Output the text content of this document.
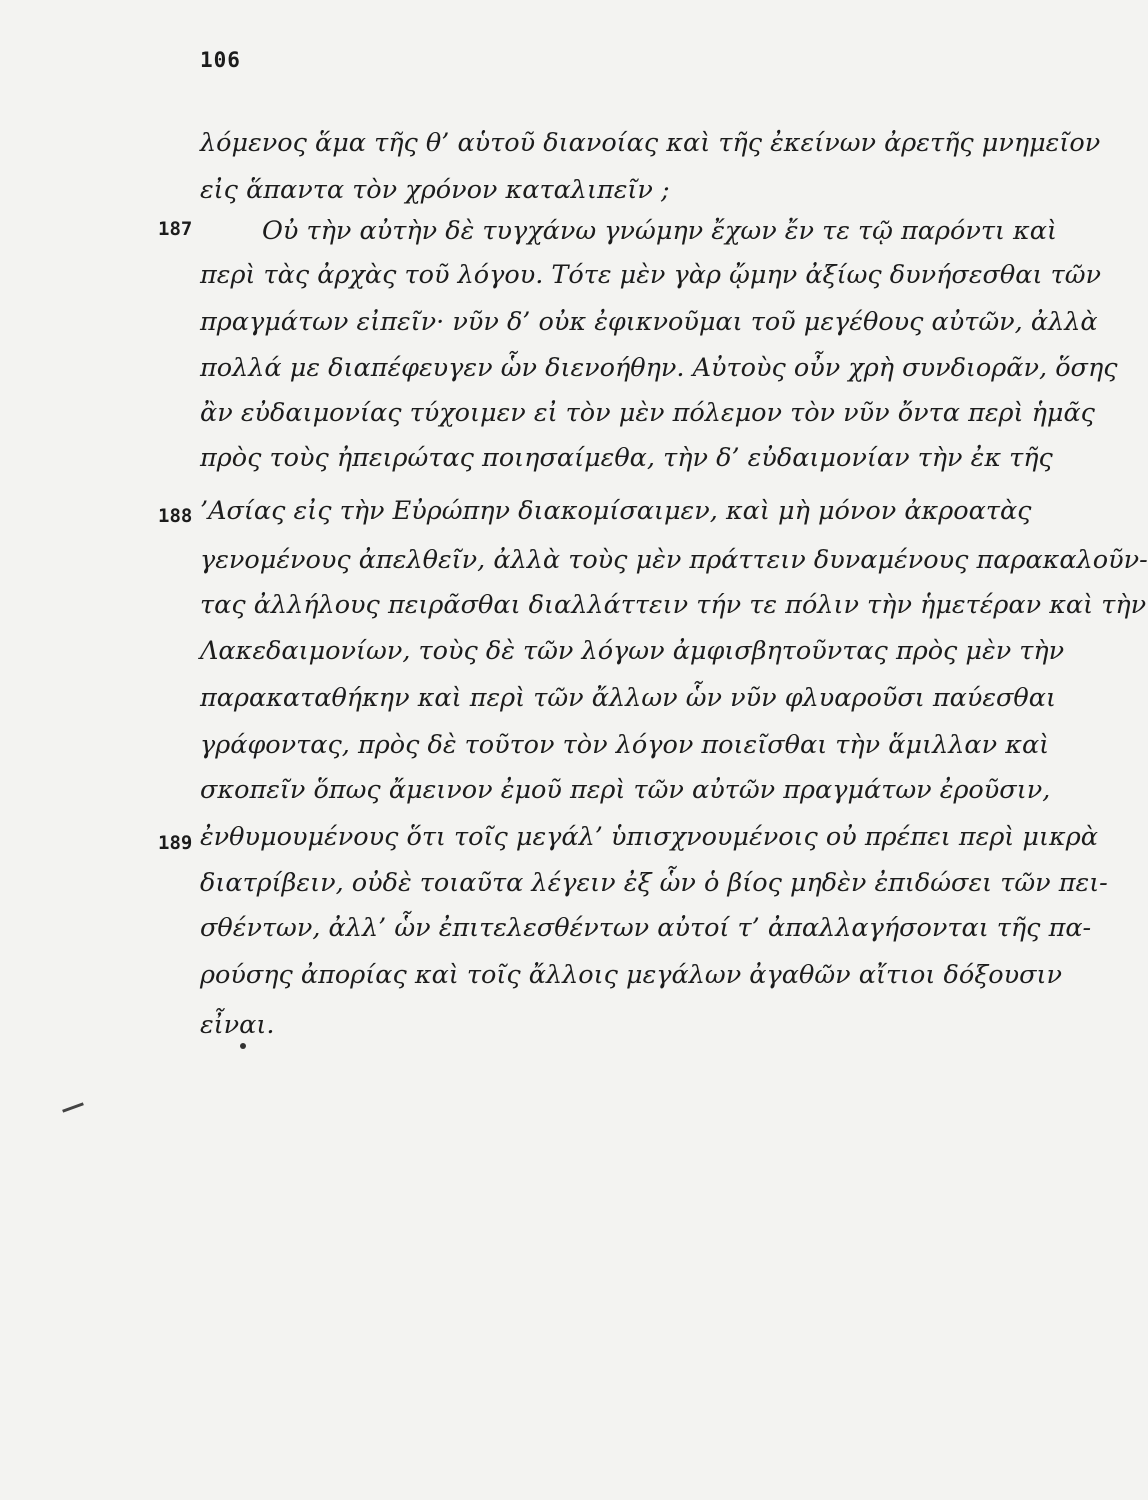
106
187
188
189
λόμενος ἅμα τῆς θ’ αὑτοῦ διανοίας καὶ τῆς ἐκείνων ἀρετῆς μνημεῖον
εἰς ἅπαντα τὸν χρόνον καταλιπεῖν ;
Οὐ τὴν αὐτὴν δὲ τυγχάνω γνώμην ἔχων ἔν τε τῷ παρόντι καὶ
περὶ τὰς ἀρχὰς τοῦ λόγου. Τότε μὲν γὰρ ᾤμην ἀξίως δυνήσεσθαι τῶν
πραγμάτων εἰπεῖν· νῦν δ’ οὐκ ἐφικνοῦμαι τοῦ μεγέθους αὐτῶν, ἀλλὰ
πολλά με διαπέφευγεν ὧν διενοήθην. Αὐτοὺς οὖν χρὴ συνδιορᾶν, ὅσης
ἂν εὐδαιμονίας τύχοιμεν εἰ τὸν μὲν πόλεμον τὸν νῦν ὄντα περὶ ἡμᾶς
πρὸς τοὺς ἠπειρώτας ποιησαίμεθα, τὴν δ’ εὐδαιμονίαν τὴν ἐκ τῆς
’Ασίας εἰς τὴν Εὐρώπην διακομίσαιμεν, καὶ μὴ μόνον ἀκροατὰς
γενομένους ἀπελθεῖν, ἀλλὰ τοὺς μὲν πράττειν δυναμένους παρακαλοῦν-
τας ἀλλήλους πειρᾶσθαι διαλλάττειν τήν τε πόλιν τὴν ἡμετέραν καὶ τὴν
Λακεδαιμονίων, τοὺς δὲ τῶν λόγων ἀμφισβητοῦντας πρὸς μὲν τὴν
παρακαταθήκην καὶ περὶ τῶν ἄλλων ὧν νῦν φλυαροῦσι παύεσθαι
γράφοντας, πρὸς δὲ τοῦτον τὸν λόγον ποιεῖσθαι τὴν ἅμιλλαν καὶ
σκοπεῖν ὅπως ἄμεινον ἐμοῦ περὶ τῶν αὐτῶν πραγμάτων ἐροῦσιν,
ἐνθυμουμένους ὅτι τοῖς μεγάλ’ ὑπισχνουμένοις οὐ πρέπει περὶ μικρὰ
διατρίβειν, οὐδὲ τοιαῦτα λέγειν ἐξ ὧν ὁ βίος μηδὲν ἐπιδώσει τῶν πει-
σθέντων, ἀλλ’ ὧν ἐπιτελεσθέντων αὐτοί τ’ ἀπαλλαγήσονται τῆς πα-
ρούσης ἀπορίας καὶ τοῖς ἄλλοις μεγάλων ἀγαθῶν αἴτιοι δόξουσιν
εἶναι.
